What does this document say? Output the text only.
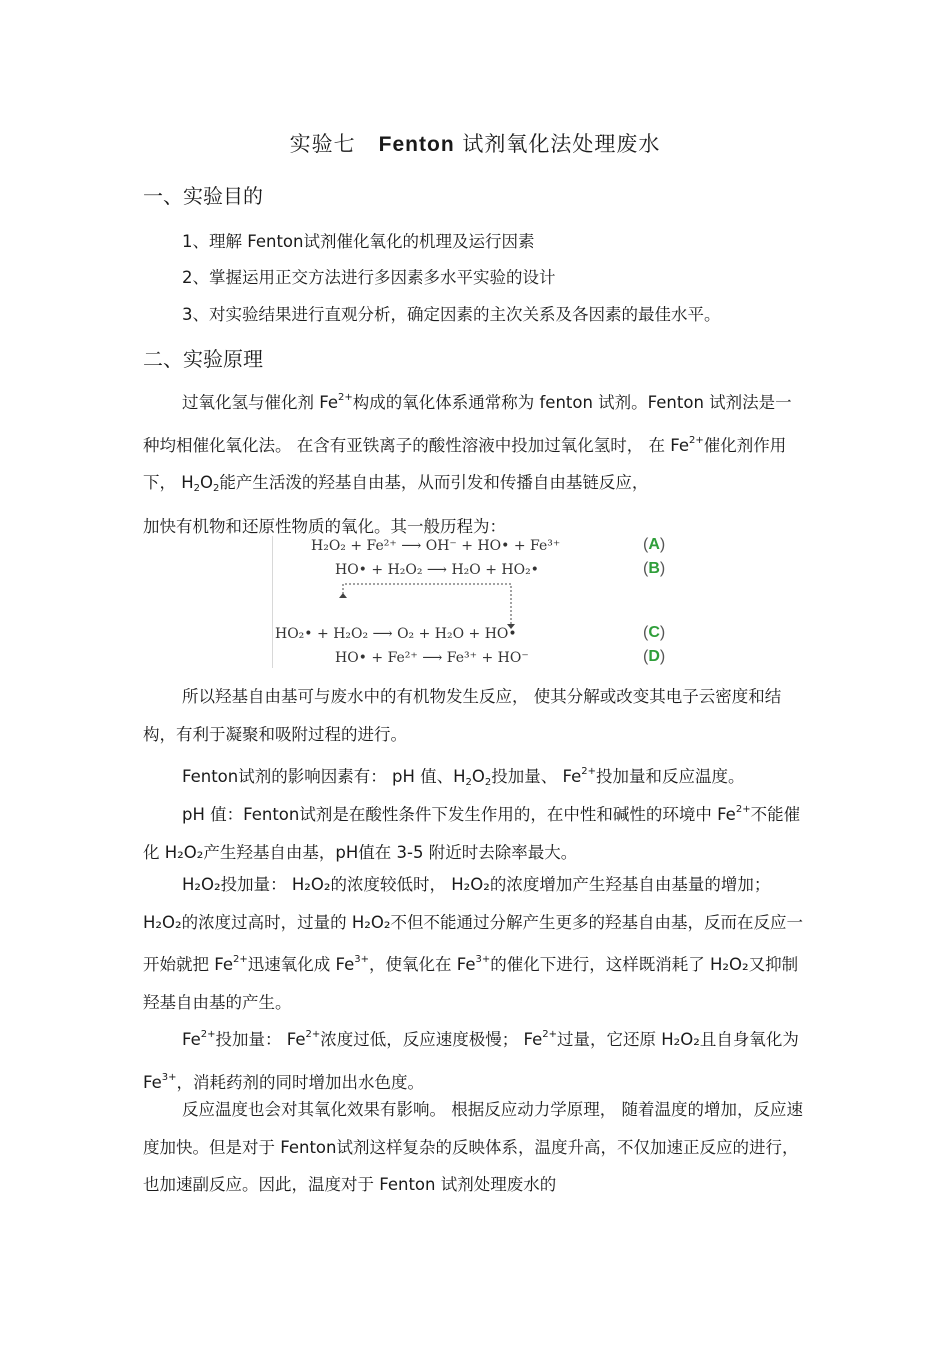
实验七 Fenton 试剂氧化法处理废水
一、实验目的
1、理解 Fenton试剂催化氧化的机理及运行因素
2、掌握运用正交方法进行多因素多水平实验的设计
3、对实验结果进行直观分析，确定因素的主次关系及各因素的最佳水平。
二、实验原理
过氧化氢与催化剂 $Fe^{2+}$构成的氧化体系通常称为 fenton 试剂。Fenton 试剂法是一种均相催化氧化法。 在含有亚铁离子的酸性溶液中投加过氧化氢时， 在 $Fe^{2+}$催化剂作用下， $H_2O_2$能产生活泼的羟基自由基，从而引发和传播自由基链反应，
加快有机物和还原性物质的氧化。其一般历程为：
H₂O₂ + Fe²⁺ ⟶ OH⁻ + HO• + Fe³⁺
HO• + H₂O₂ ⟶ H₂O + HO₂•
HO₂• + H₂O₂ ⟶ O₂ + H₂O + HO•
HO• + Fe²⁺ ⟶ Fe³⁺ + HO⁻
(A)
(B)
(C)
(D)
所以羟基自由基可与废水中的有机物发生反应， 使其分解或改变其电子云密度和结构，有利于凝聚和吸附过程的进行。
Fenton试剂的影响因素有： pH 值、$H_2O_2$投加量、 $Fe^{2+}$投加量和反应温度。
pH 值：Fenton试剂是在酸性条件下发生作用的，在中性和碱性的环境中 $Fe^{2+}$不能催化 H₂O₂产生羟基自由基，pH值在 3-5 附近时去除率最大。
H₂O₂投加量： H₂O₂的浓度较低时， H₂O₂的浓度增加产生羟基自由基量的增加；H₂O₂的浓度过高时，过量的 H₂O₂不但不能通过分解产生更多的羟基自由基，反而在反应一开始就把 $Fe^{2+}$迅速氧化成 $Fe^{3+}$，使氧化在 $Fe^{3+}$的催化下进行，这样既消耗了 H₂O₂又抑制羟基自由基的产生。
$Fe^{2+}$投加量： $Fe^{2+}$浓度过低，反应速度极慢； $Fe^{2+}$过量，它还原 H₂O₂且自身氧化为 $Fe^{3+}$，消耗药剂的同时增加出水色度。
反应温度也会对其氧化效果有影响。 根据反应动力学原理， 随着温度的增加，反应速度加快。但是对于 Fenton试剂这样复杂的反映体系，温度升高，不仅加速正反应的进行，也加速副反应。因此，温度对于 Fenton 试剂处理废水的
